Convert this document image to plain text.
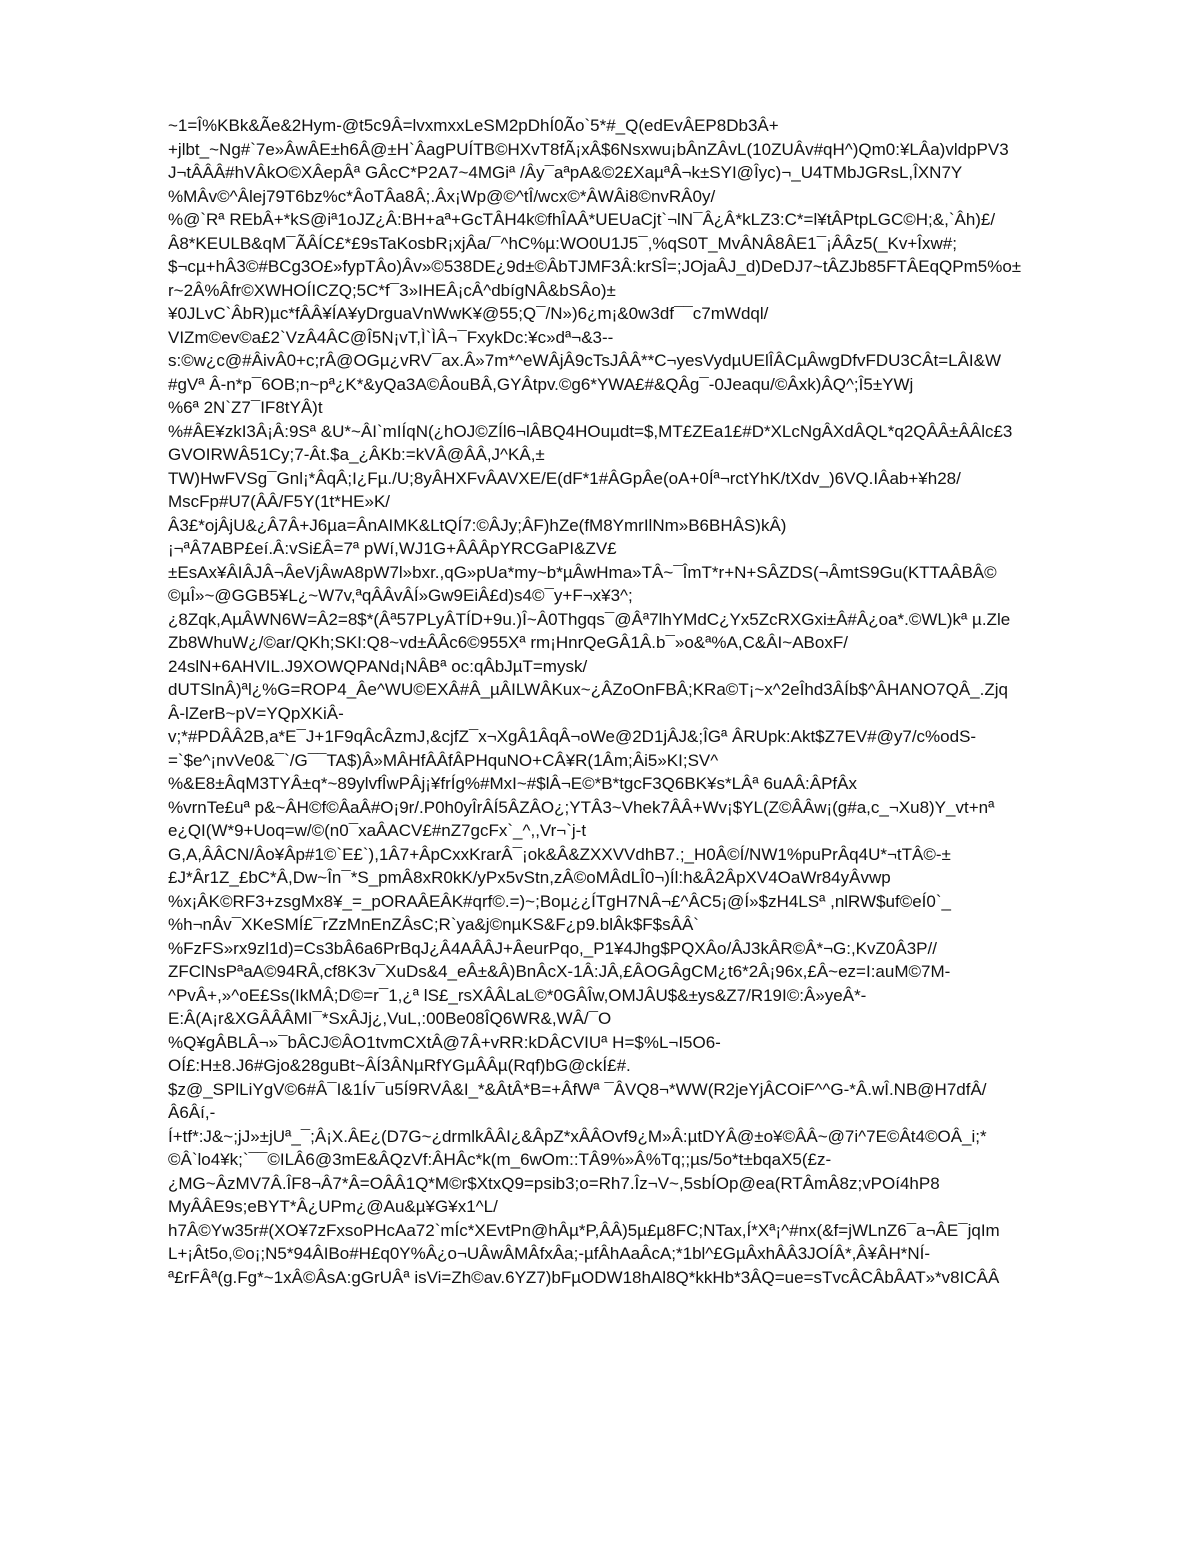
~1=Î%KBk&Ãe&2Hym-@t5c9Â=lvxmxxLeSM2pDhÍ0Ão`5*#_Q(edEvÂEP8Db3Â+
+jlbt_~Ng#`7e»ÂwÂE±h6Â@±H`ÂagPUÍTB©HXvT8fÃ¡xÂ$6Nsxwu¡bÂnZÂvL(10ZUÂv#qH^)Qm0:¥LÂa)vldpPV3
J¬tÂÂÂ#hVÂkO©XÂepÂª GÂcC*P2A7~4MGiª /Ây¯aªpA&©2£XaµªÂ¬k±SYI@Îyc)¬_U4TMbJGRsL,ÎXN7Y
%MÂv©^Âlej79T6bz%c*ÂoTÂa8Â;.Âx¡Wp@©^tÎ/wcx©*ÂWÂi8©nvRÂ0y/
%@`Rª REbÂ+*kS@iª1oJZ¿Â:BH+aª+GcTÂH4k©fhÎAÂ*UEUaCjt`¬lN¯Â¿Â*kLZ3:C*=l¥tÂPtpLGC©H;&,`Âh)£/
Â8*KEULB&qM¯ÃÂÍC£*£9sTaKosbR¡xjÂa/¯^hC%µ:WO0U1J5¯,%qS0T_MvÂNÂ8ÂE1¯¡ÂÂz5(_Kv+Îxw#;
$¬cµ+hÂ3©#BCg3O£»fypTÂo)Âv»©538DE¿9d±©ÂbTJMF3Â:krSÎ=;JOjaÂJ_d)DeDJ7~tÂZJb85FTÂEqQPm5%o±
r~2Â%Âfr©XWHOÍICZQ;5C*f¯3»IHEÂ¡cÂ^dbígNÂ&bSÂo)±
¥0JLvC`ÂbR)µc*fÂÂ¥ÍA¥yDrguaVnWwK¥@55;Q¯/N»)6¿m¡&0w3df¯¯c7mWdql/
VIZm©ev©a£2`VzÂ4ÂC@Î5N¡vT,Ì`ÌÂ¬¯FxykDc:¥c»dª¬&3--
s:©w¿c@#ÂivÂ0+c;rÂ@OGµ¿vRV¯ax.Â»7m*^eWÂjÂ9cTsJÂÂ**C¬yesVydµUElÎÂCµÂwgDfvFDU3CÂt=LÂI&W
#gVª Â-n*p¯6OB;n~pª¿K*&yQa3A©ÂouBÂ,GYÂtpv.©g6*YWA£#&QÂg¯-0Jeaqu/©Âxk)ÂQ^;Î5±YWj
%6ª 2N`Z7¯IF8tYÂ)t
%#ÂE¥zkI3Â¡Â:9Sª &U*~ÂI`mIÍqN(¿hOJ©ZÍl6¬lÂBQ4HOuµdt=$,MT£ZEa1£#D*XLcNgÂXdÂQL*q2QÂÂ±ÂÂlc£3
GVOIRWÂ51Cy;7-Ât.$a_¿ÂKb:=kVÂ@ÂÂ,J^KÂ,±
TW)HwFVSg¯Gnl¡*ÂqÂ;I¿Fµ./U;8yÂHXFvÂAVXE/E(dF*1#ÂGpÂe(oA+0Íª¬rctYhK/tXdv_)6VQ.IÂab+¥h28/
MscFp#U7(ÂÂ/F5Y(1t*HE»K/
Â3£*ojÂjU&¿Â7Â+J6µa=ÂnAIMK&LtQÍ7:©ÂJy;ÂF)hZe(fM8YmrIlNm»B6BHÂS)kÂ)
¡¬ªÂ7ABP£eí.Â:vSi£Â=7ª pWí,WJ1G+ÂÂÂpYRCGaPI&ZV£
±EsAx¥ÂIÂJÂ¬ÂeVjÂwA8pW7l»bxr.,qG»pUa*my~b*µÂwHma»TÂ~¯ÎmT*r+N+SÂZDS(¬ÂmtS9Gu(KTTAÂBÂ©
©µÎ»~@GGB5¥L¿~W7v,ªqÂÂvÂÍ»Gw9EiÂ£d)s4©¯y+F¬x¥3^;
¿8Zqk,AµÂWN6W=Â2=8$*(Âª57PLyÂTÍD+9u.)Î~Â0Thgqs¯@Âª7lhYMdC¿Yx5ZcRXGxi±Â#Â¿oa*.©WL)kª µ.Zle
Zb8WhuW¿/©ar/QKh;SKI:Q8~vd±ÂÂc6©955Xª rm¡HnrQeGÂ1Â.b¯»o&ª%A,C&ÂI~ABoxF/
24slN+6AHVIL.J9XOWQPANd¡NÂBª oc:qÂbJµT=mysk/
dUTSlnÂ)ªl¿%G=ROP4_Âe^WU©EXÂ#Â_µÂILWÂKux~¿ÂZoOnFBÂ;KRa©T¡~x^2eÎhd3ÂÍb$^ÂHANO7QÂ_.Zjq
Â-lZerB~pV=YQpXKiÂ-
v;*#PDÂÂ2B,a*E¯J+1F9qÂcÂzmJ,&cjfZ¯x¬XgÂ1ÂqÂ¬oWe@2D1jÂJ&;ÎGª ÂRUpk:Akt$Z7EV#@y7/c%odS-
=`$e^¡nvVe0&¯`/G¯¯TA$)Â»MÂHfÂÂfÂPHquNO+CÂ¥R(1Âm;Âi5»KI;SV^
%&E8±ÂqM3TYÂ±q*~89ylvfÎwPÂj¡¥frÍg%#MxI~#$lÂ¬E©*B*tgcF3Q6BK¥s*LÂª 6uAÂ:ÂPfÂx
%vrnTe£uª p&~ÂH©f©ÂaÂ#O¡9r/.P0h0yÎrÂÍ5ÂZÂO¿;YTÂ3~Vhek7ÂÂ+Wv¡$YL(Z©ÂÂw¡(g#a,c_¬Xu8)Y_vt+nª
e¿QI(W*9+Uoq=w/©(n0¯xaÂACV£#nZ7gcFx`_^,,Vr¬`j-t
G,A,ÂÂCN/Âo¥Âp#1©`E£`),1Â7+ÂpCxxKrarÂ¯¡ok&Â&ZXXVVdhB7.;_H0Â©Í/NW1%puPrÂq4U*¬tTÂ©-±
£J*Âr1Z_£bC*Â,Dw~În¯*S_pmÂ8xR0kK/yPx5vStn,zÂ©oMÂdLÎ0¬)Íl:h&Â2ÂpXV4OaWr84yÂvwp
%x¡ÂK©RF3+zsgMx8¥_=_pORAÂEÂK#qrf©.=)~;Boµ¿¿ÍTgH7NÂ¬£^ÂC5¡@Í»$zH4LSª ,nlRW$uf©eÍ0`_
%h¬nÂv¯XKeSMÍ£¯rZzMnEnZÂsC;R`ya&j©nµKS&F¿p9.blÂk$F$sÂÂ`
%FzFS»rx9zl1d)=Cs3bÂ6a6PrBqJ¿Â4AÂÂJ+ÂeurPqo,_P1¥4Jhg$PQXÂo/ÂJ3kÂR©Â*¬G:,KvZ0Â3P//
ZFClNsPªaA©94RÂ,cf8K3v¯XuDs&4_eÂ±&Â)BnÂcX-1Â:JÂ,£ÂOGÂgCM¿t6*2Â¡96x,£Â~ez=I:auM©7M-
^PvÂ+,»^oE£Ss(IkMÂ;D©=r¯1,¿ª lS£_rsXÂÂLaL©*0GÂÎw,OMJÂU$&±ys&Z7/R19I©:Â»yeÂ*-
E:Â(A¡r&XGÂÂÂMI¯*SxÂJj¿,VuL,:00Be08ÎQ6WR&,WÂ/¯O
%Q¥gÂBLÂ¬»¯bÂCJ©ÂO1tvmCXtÂ@7Â+vRR:kDÂCVIUª H=$%L¬I5O6-
OÍ£:H±8.J6#Gjo&28guBt~ÂÍ3ÂNµRfYGµÂÂµ(Rqf)bG@ckÍ£#.
$z@_SPlLiYgV©6#Â¯I&1Ív¯u5Í9RVÂ&I_*&ÂtÂ*B=+ÂfWª ¯ÂVQ8¬*WW(R2jeYjÂCOiF^^G-*Â.wÎ.NB@H7dfÂ/
Â6Âí,-
Í+tf*:J&~;jJ»±jUª_¯;Â¡X.ÂE¿(D7G~¿drmlkÂÂI¿&ÂpZ*xÂÂOvf9¿M»Â:µtDYÂ@±o¥©ÂÂ~@7i^7E©Ât4©OÂ_i;*
©Â`lo4¥k;`¯¯©ILÂ6@3mE&ÂQzVf:ÂHÂc*k(m_6wOm::TÂ9%»Â%Tq;;µs/5o*t±bqaX5(£z-
¿MG~ÂzMV7Â.ÎF8¬Â7*Â=OÂÂ1Q*M©r$XtxQ9=psib3;o=Rh7.Îz¬V~,5sbÍOp@ea(RTÂmÂ8z;vPOí4hP8
MyÂÂE9s;eBYT*Â¿UPm¿@Au&µ¥G¥x1^L/
h7Â©Yw35r#(XO¥7zFxsoPHcAa72`mÍc*XEvtPn@hÂµ*P,ÂÂ)5µ£µ8FC;NTax,Í*Xª¡^#nx(&f=jWLnZ6¯a¬ÂE¯jqIm
L+¡Ât5o,©o¡;N5*94ÂIBo#H£q0Y%Â¿o¬UÂwÂMÂfxÂa;-µfÂhAaÂcA;*1bl^£GµÂxhÂÂ3JOÍÂ*,Â¥ÂH*NÍ-
ª£rFÂª(g.Fg*~1xÂ©ÂsA:gGrUÂª isVi=Zh©av.6YZ7)bFµODW18hAl8Q*kkHb*3ÂQ=ue=sTvcÂCÂbÂAT»*v8ICÂÂ
